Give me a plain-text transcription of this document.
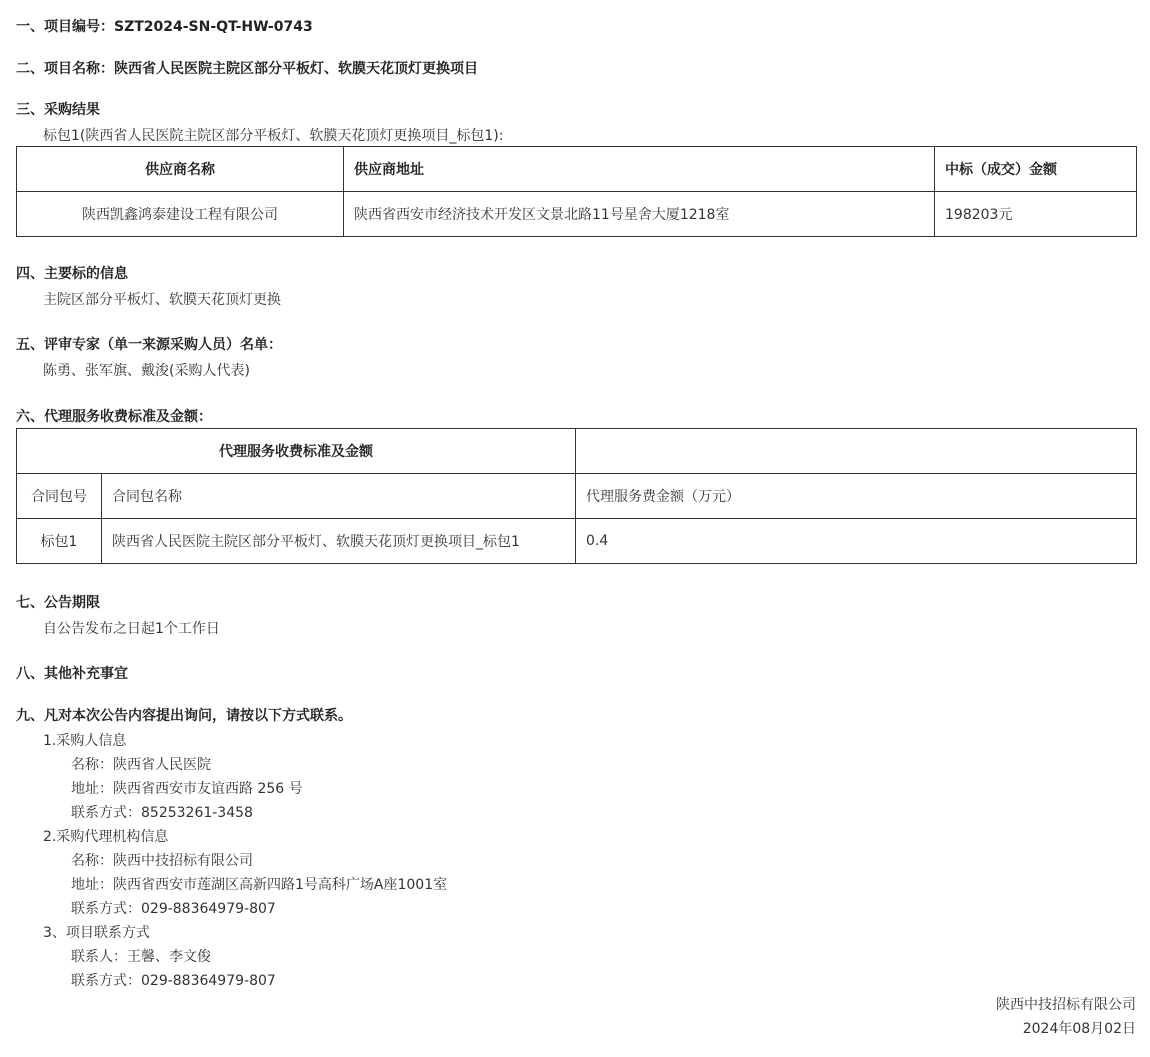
一、项目编号：SZT2024-SN-QT-HW-0743
二、项目名称：陕西省人民医院主院区部分平板灯、软膜天花顶灯更换项目
三、采购结果
标包1(陕西省人民医院主院区部分平板灯、软膜天花顶灯更换项目_标包1):
供应商名称	供应商地址	中标（成交）金额
陕西凯鑫鸿泰建设工程有限公司	陕西省西安市经济技术开发区文景北路11号星舍大厦1218室	198203元
四、主要标的信息
主院区部分平板灯、软膜天花顶灯更换
五、评审专家（单一来源采购人员）名单：
陈勇、张军旗、戴浚(采购人代表)
六、代理服务收费标准及金额：
代理服务收费标准及金额		
合同包号	合同包名称	代理服务费金额（万元）
标包1	陕西省人民医院主院区部分平板灯、软膜天花顶灯更换项目_标包1	0.4
七、公告期限
自公告发布之日起1个工作日
八、其他补充事宜
九、凡对本次公告内容提出询问，请按以下方式联系。
1.采购人信息
名称：陕西省人民医院
地址：陕西省西安市友谊西路 256 号
联系方式：85253261-3458
2.采购代理机构信息
名称：陕西中技招标有限公司
地址：陕西省西安市莲湖区高新四路1号高科广场A座1001室
联系方式：029-88364979-807
3、项目联系方式
联系人：王馨、李文俊
联系方式：029-88364979-807
陕西中技招标有限公司
2024年08月02日
